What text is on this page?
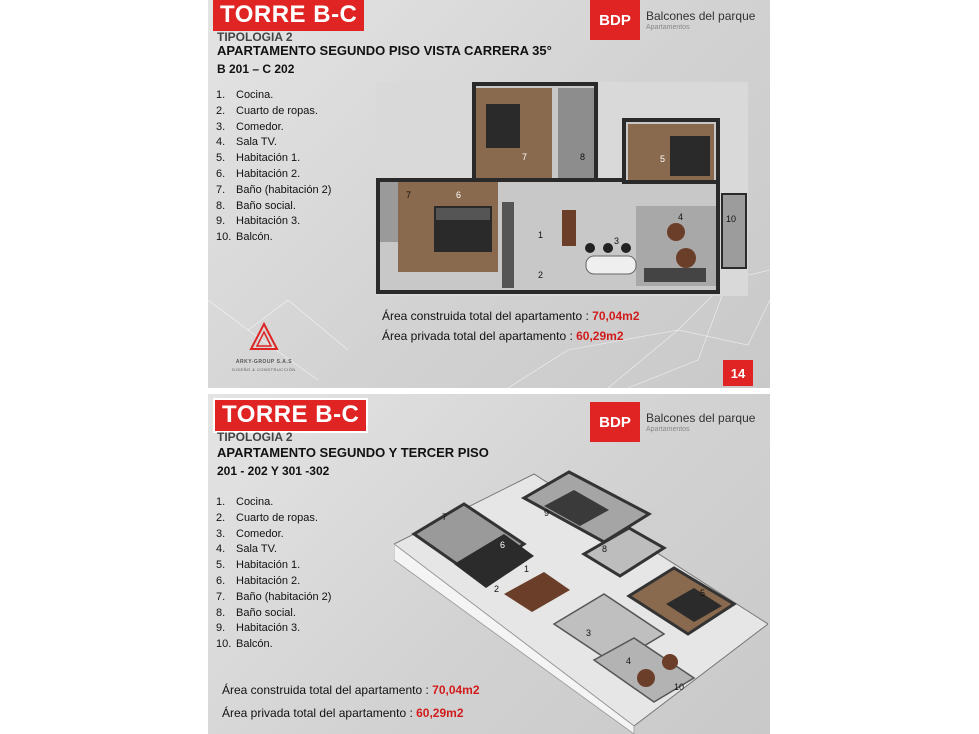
TORRE B-C
TIPOLOGIA 2
APARTAMENTO SEGUNDO PISO VISTA CARRERA 35°
B 201 – C 202
BDP	Balcones del parque
Apartamentos
1. Cocina.
2. Cuarto de ropas.
3. Comedor.
4. Sala TV.
5. Habitación 1.
6. Habitación 2.
7. Baño (habitación 2)
8. Baño social.
9. Habitación 3.
10. Balcón.	1
2
3
4
5
6
7
7	8
10
Área construida total del apartamento : 70,04m2
Área privada total del apartamento : 60,29m2
ARKY-GROUP S.A.S
DISEÑO & CONSTRUCCIÓN	14
TORRE B-C
TIPOLOGIA 2
APARTAMENTO SEGUNDO Y TERCER PISO
201 - 202 Y 301 -302
BDP	Balcones del parque
Apartamentos
1. Cocina.
2. Cuarto de ropas.
3. Comedor.
4. Sala TV.
5. Habitación 1.
6. Habitación 2.
7. Baño (habitación 2)
8. Baño social.
9. Habitación 3.
10. Balcón.
1
2
3
4
5
6
7
8
9
10
Área construida total del apartamento : 70,04m2
Área privada total del apartamento : 60,29m2
